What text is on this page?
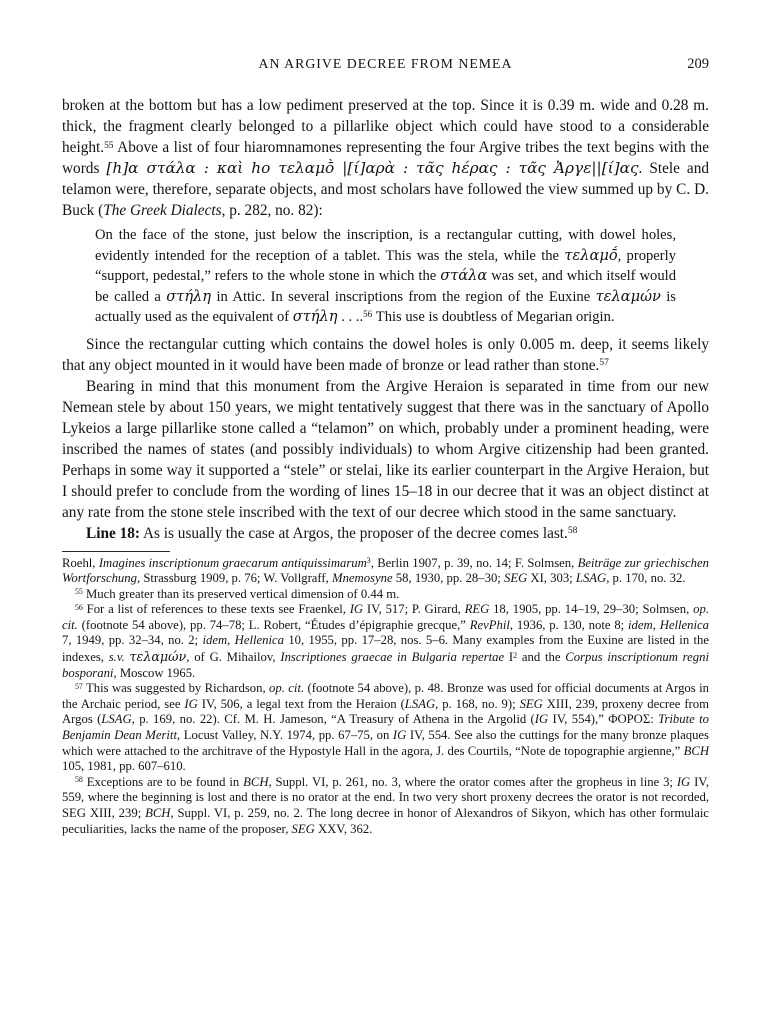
AN ARGIVE DECREE FROM NEMEA	209

broken at the bottom but has a low pediment preserved at the top. Since it is 0.39 m. wide and 0.28 m. thick, the fragment clearly belonged to a pillarlike object which could have stood to a considerable height.$^{55}$ Above a list of four hiaromnamones representing the four Argive tribes the text begins with the words [h]α στάλα : καὶ ho τελαμṑ |[ί]αρὰ : τᾶς hέρας : τᾶς Ἀργε||[ί]ας. Stele and telamon were, therefore, separate objects, and most scholars have followed the view summed up by C. D. Buck (The Greek Dialects, p. 282, no. 82):

On the face of the stone, just below the inscription, is a rectangular cutting, with dowel holes, evidently intended for the reception of a tablet. This was the stela, while the τελαμṓ, properly “support, pedestal,” refers to the whole stone in which the στάλα was set, and which itself would be called a στήλη in Attic. In several inscriptions from the region of the Euxine τελαμών is actually used as the equivalent of στήλη . . ..$^{56}$ This use is doubtless of Megarian origin.

Since the rectangular cutting which contains the dowel holes is only 0.005 m. deep, it seems likely that any object mounted in it would have been made of bronze or lead rather than stone.$^{57}$

Bearing in mind that this monument from the Argive Heraion is separated in time from our new Nemean stele by about 150 years, we might tentatively suggest that there was in the sanctuary of Apollo Lykeios a large pillarlike stone called a “telamon” on which, probably under a prominent heading, were inscribed the names of states (and possibly individuals) to whom Argive citizenship had been granted. Perhaps in some way it supported a “stele” or stelai, like its earlier counterpart in the Argive Heraion, but I should prefer to conclude from the wording of lines 15–18 in our decree that it was an object distinct at any rate from the stone stele inscribed with the text of our decree which stood in the same sanctuary.

Line 18: As is usually the case at Argos, the proposer of the decree comes last.$^{58}$

Roehl, Imagines inscriptionum graecarum antiquissimarum$^3$, Berlin 1907, p. 39, no. 14; F. Solmsen, Beiträge zur griechischen Wortforschung, Strassburg 1909, p. 76; W. Vollgraff, Mnemosyne 58, 1930, pp. 28–30; SEG XI, 303; LSAG, p. 170, no. 32.

$^{55}$ Much greater than its preserved vertical dimension of 0.44 m.

$^{56}$ For a list of references to these texts see Fraenkel, IG IV, 517; P. Girard, REG 18, 1905, pp. 14–19, 29–30; Solmsen, op. cit. (footnote 54 above), pp. 74–78; L. Robert, “Études d’épigraphie grecque,” RevPhil, 1936, p. 130, note 8; idem, Hellenica 7, 1949, pp. 32–34, no. 2; idem, Hellenica 10, 1955, pp. 17–28, nos. 5–6. Many examples from the Euxine are listed in the indexes, s.v. τελαμών, of G. Mihailov, Inscriptiones graecae in Bulgaria repertae $I^2$ and the Corpus inscriptionum regni bosporani, Moscow 1965.

$^{57}$ This was suggested by Richardson, op. cit. (footnote 54 above), p. 48. Bronze was used for official documents at Argos in the Archaic period, see IG IV, 506, a legal text from the Heraion (LSAG, p. 168, no. 9); SEG XIII, 239, proxeny decree from Argos (LSAG, p. 169, no. 22). Cf. M. H. Jameson, “A Treasury of Athena in the Argolid (IG IV, 554),” ΦΟΡΟΣ: Tribute to Benjamin Dean Meritt, Locust Valley, N.Y. 1974, pp. 67–75, on IG IV, 554. See also the cuttings for the many bronze plaques which were attached to the architrave of the Hypostyle Hall in the agora, J. des Courtils, “Note de topographie argienne,” BCH 105, 1981, pp. 607–610.

$^{58}$ Exceptions are to be found in BCH, Suppl. VI, p. 261, no. 3, where the orator comes after the gropheus in line 3; IG IV, 559, where the beginning is lost and there is no orator at the end. In two very short proxeny decrees the orator is not recorded, SEG XIII, 239; BCH, Suppl. VI, p. 259, no. 2. The long decree in honor of Alexandros of Sikyon, which has other formulaic peculiarities, lacks the name of the proposer, SEG XXV, 362.
